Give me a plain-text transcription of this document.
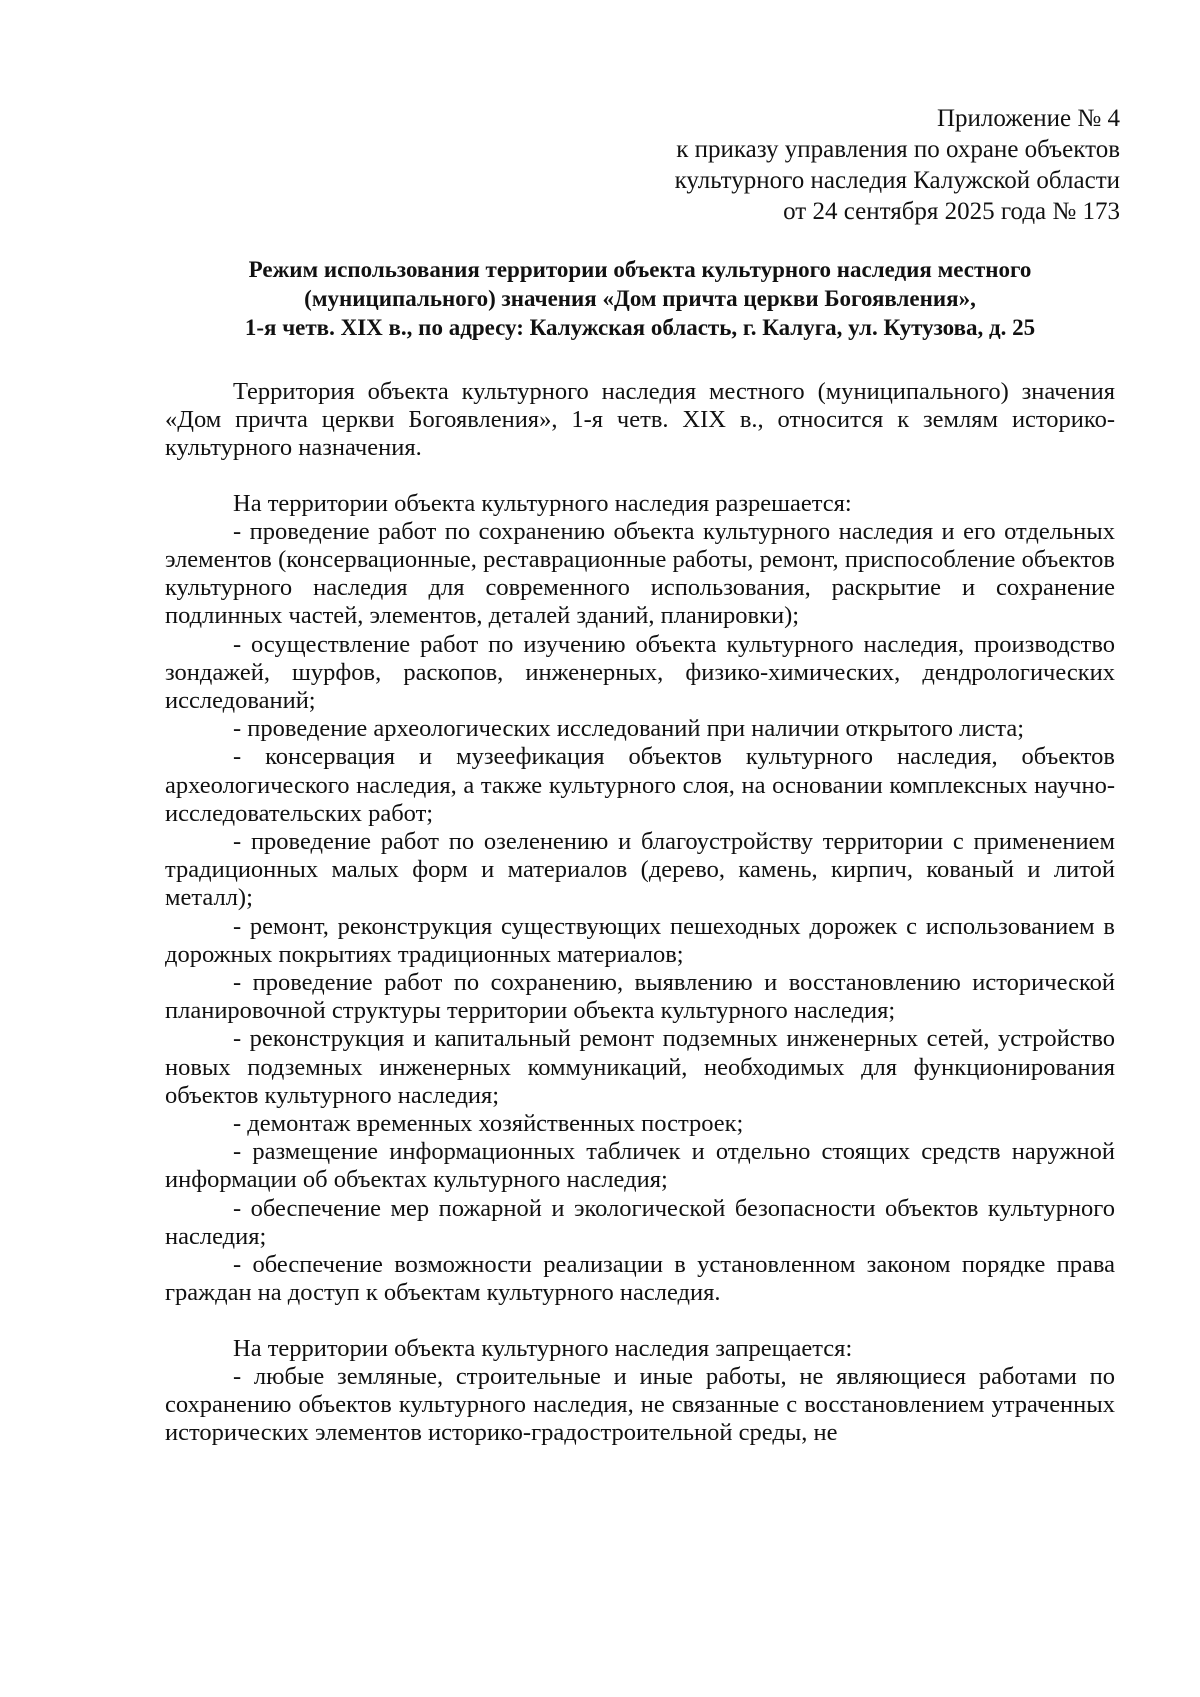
Приложение № 4
к приказу управления по охране объектов
культурного наследия Калужской области
от 24 сентября 2025 года № 173
Режим использования территории объекта культурного наследия местного
(муниципального) значения «Дом причта церкви Богоявления»,
1-я четв. XIX в., по адресу: Калужская область, г. Калуга, ул. Кутузова, д. 25

Территория объекта культурного наследия местного (муниципального) значения «Дом причта церкви Богоявления», 1-я четв. XIX в., относится к землям историко-культурного назначения.

На территории объекта культурного наследия разрешается:

- проведение работ по сохранению объекта культурного наследия и его отдельных элементов (консервационные, реставрационные работы, ремонт, приспособление объектов культурного наследия для современного использования, раскрытие и сохранение подлинных частей, элементов, деталей зданий, планировки);

- осуществление работ по изучению объекта культурного наследия, производство зондажей, шурфов, раскопов, инженерных, физико-химических, дендрологических исследований;

- проведение археологических исследований при наличии открытого листа;

- консервация и музеефикация объектов культурного наследия, объектов археологического наследия, а также культурного слоя, на основании комплексных научно-исследовательских работ;

- проведение работ по озеленению и благоустройству территории с применением традиционных малых форм и материалов (дерево, камень, кирпич, кованый и литой металл);

- ремонт, реконструкция существующих пешеходных дорожек с использованием в дорожных покрытиях традиционных материалов;

- проведение работ по сохранению, выявлению и восстановлению исторической планировочной структуры территории объекта культурного наследия;

- реконструкция и капитальный ремонт подземных инженерных сетей, устройство новых подземных инженерных коммуникаций, необходимых для функционирования объектов культурного наследия;

- демонтаж временных хозяйственных построек;

- размещение информационных табличек и отдельно стоящих средств наружной информации об объектах культурного наследия;

- обеспечение мер пожарной и экологической безопасности объектов культурного наследия;

- обеспечение возможности реализации в установленном законом порядке права граждан на доступ к объектам культурного наследия.

На территории объекта культурного наследия запрещается:

- любые земляные, строительные и иные работы, не являющиеся работами по сохранению объектов культурного наследия, не связанные с восстановлением утраченных исторических элементов историко-градостроительной среды, не
